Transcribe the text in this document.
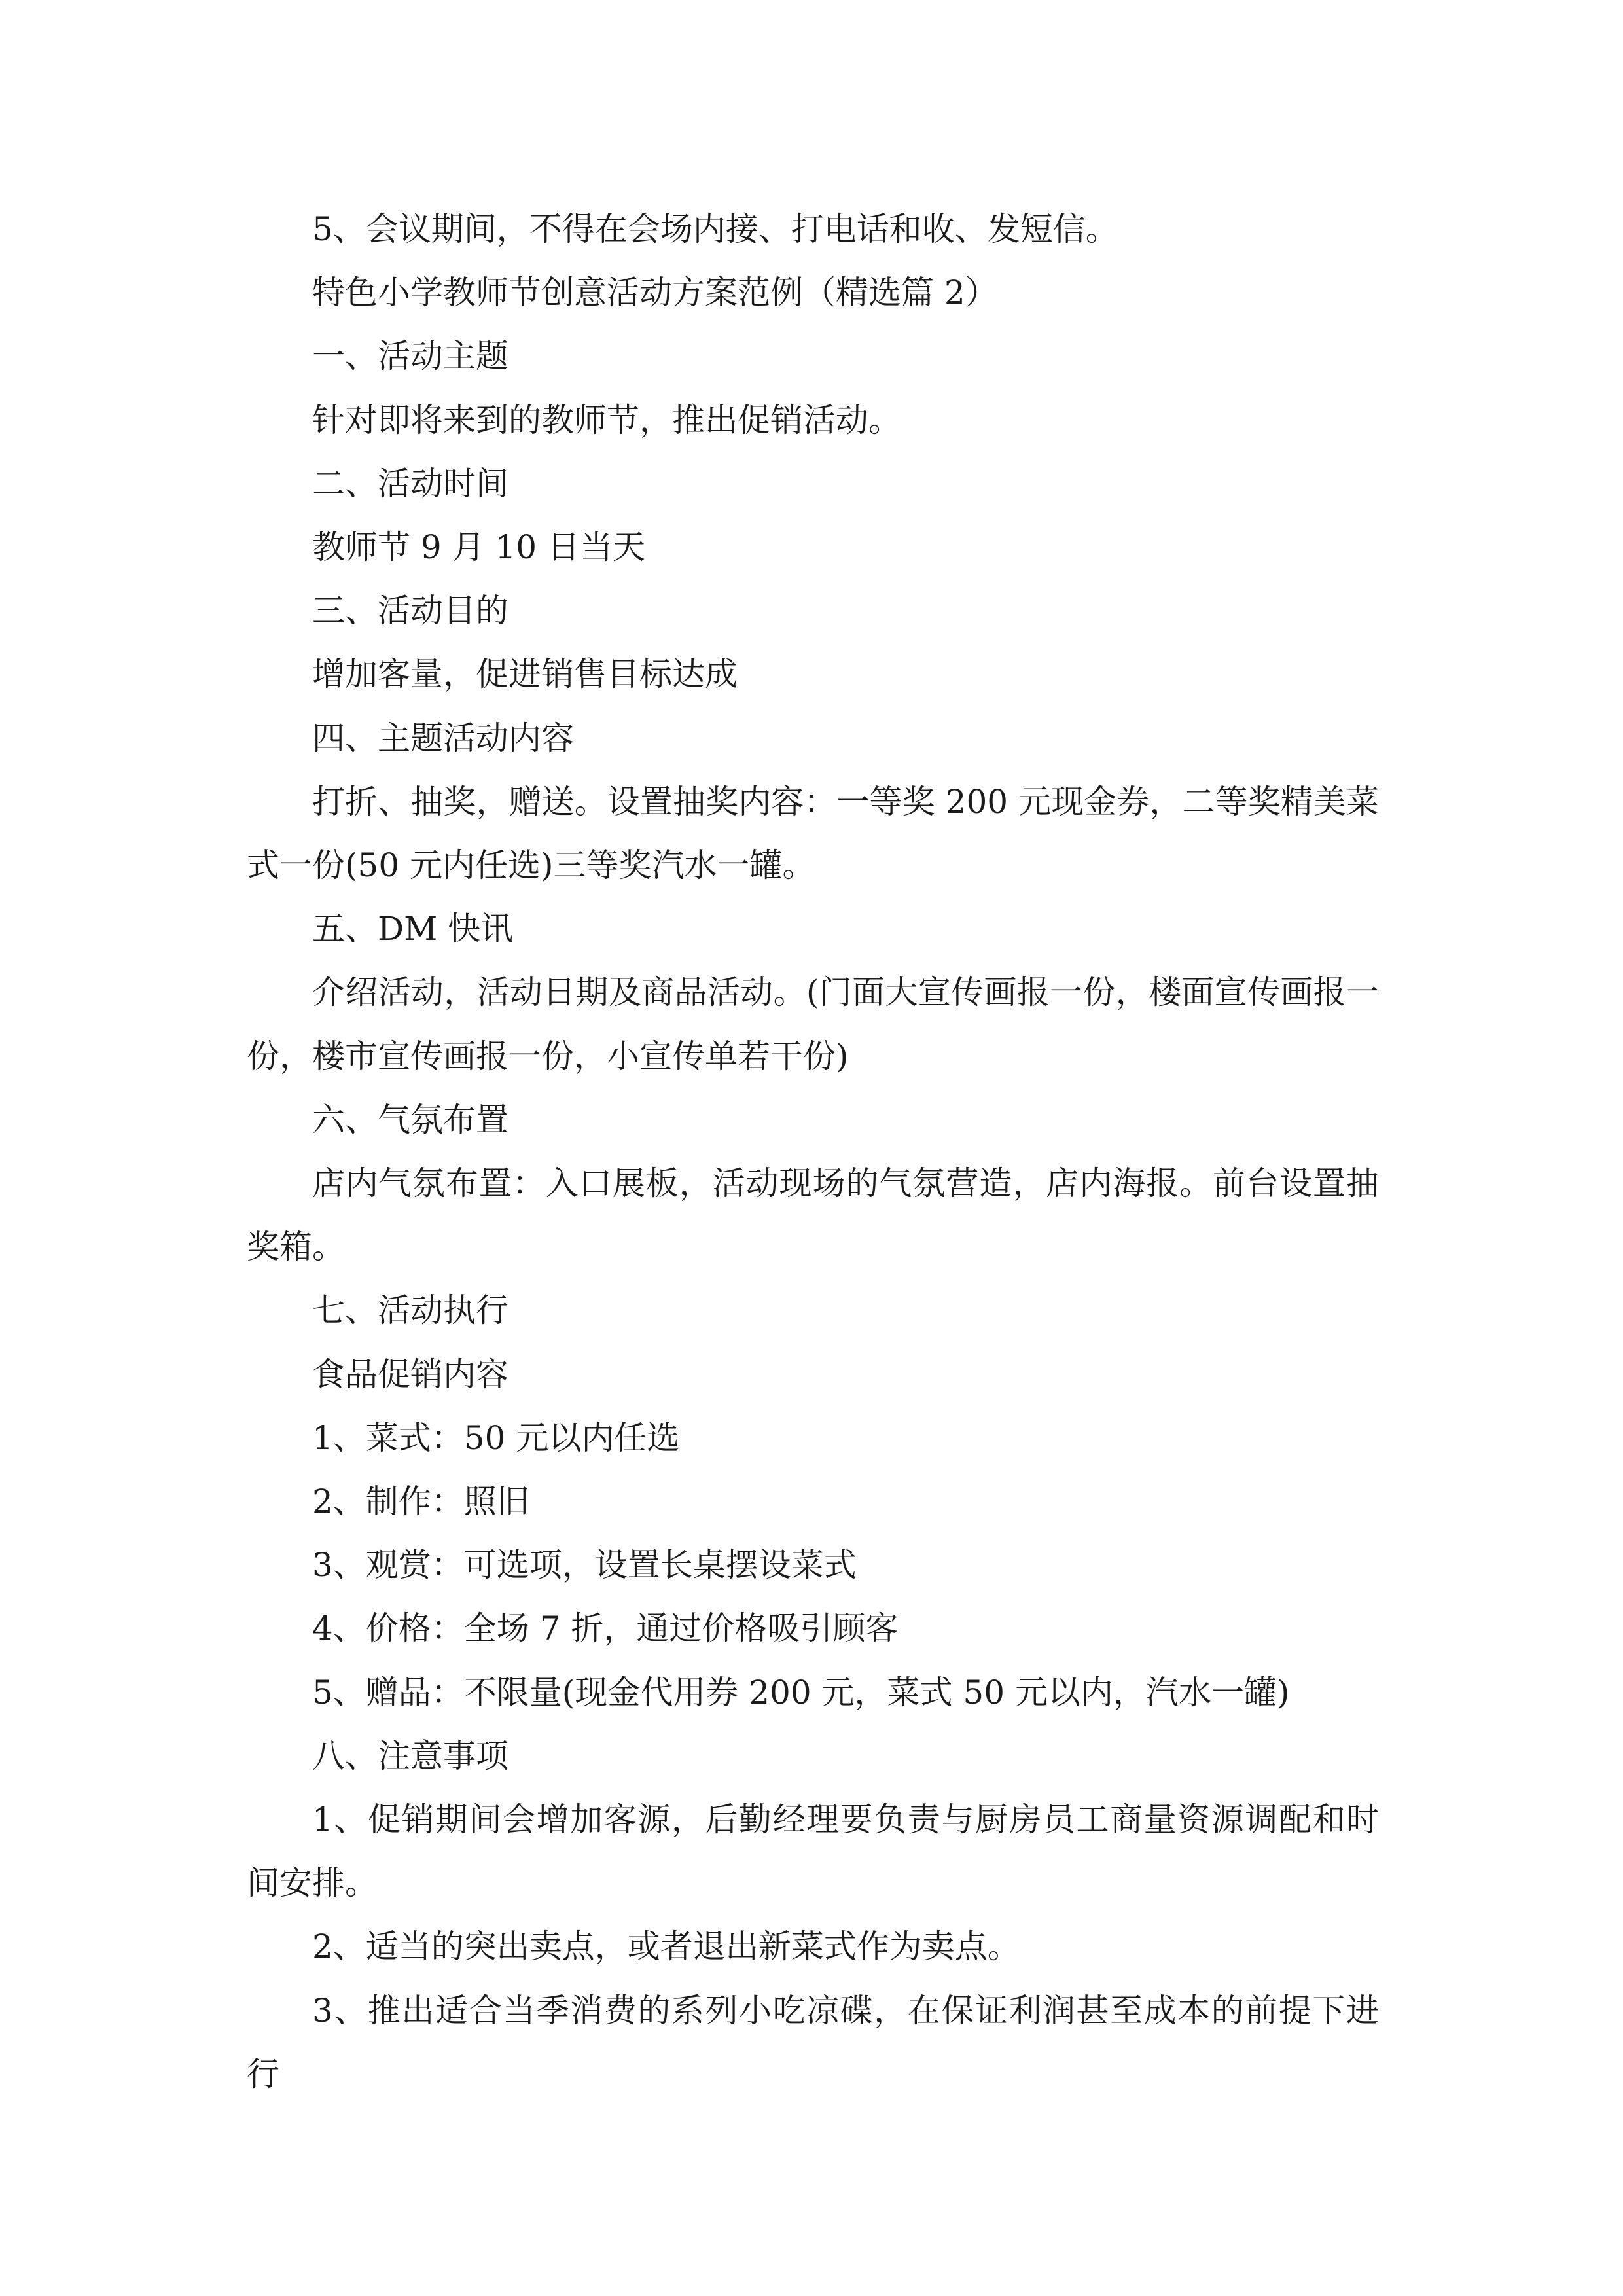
5、会议期间，不得在会场内接、打电话和收、发短信。

特色小学教师节创意活动方案范例（精选篇 2）

一、活动主题

针对即将来到的教师节，推出促销活动。

二、活动时间

教师节 9 月 10 日当天

三、活动目的

增加客量，促进销售目标达成

四、主题活动内容

打折、抽奖，赠送。设置抽奖内容：一等奖 200 元现金券，二等奖精美菜式一份(50 元内任选)三等奖汽水一罐。

五、DM 快讯

介绍活动，活动日期及商品活动。(门面大宣传画报一份，楼面宣传画报一份，楼市宣传画报一份，小宣传单若干份)

六、气氛布置

店内气氛布置：入口展板，活动现场的气氛营造，店内海报。前台设置抽奖箱。

七、活动执行

食品促销内容

1、菜式：50 元以内任选

2、制作：照旧

3、观赏：可选项，设置长桌摆设菜式

4、价格：全场 7 折，通过价格吸引顾客

5、赠品：不限量(现金代用券 200 元，菜式 50 元以内，汽水一罐)

八、注意事项

1、促销期间会增加客源，后勤经理要负责与厨房员工商量资源调配和时间安排。

2、适当的突出卖点，或者退出新菜式作为卖点。

3、推出适合当季消费的系列小吃凉碟，在保证利润甚至成本的前提下进行
